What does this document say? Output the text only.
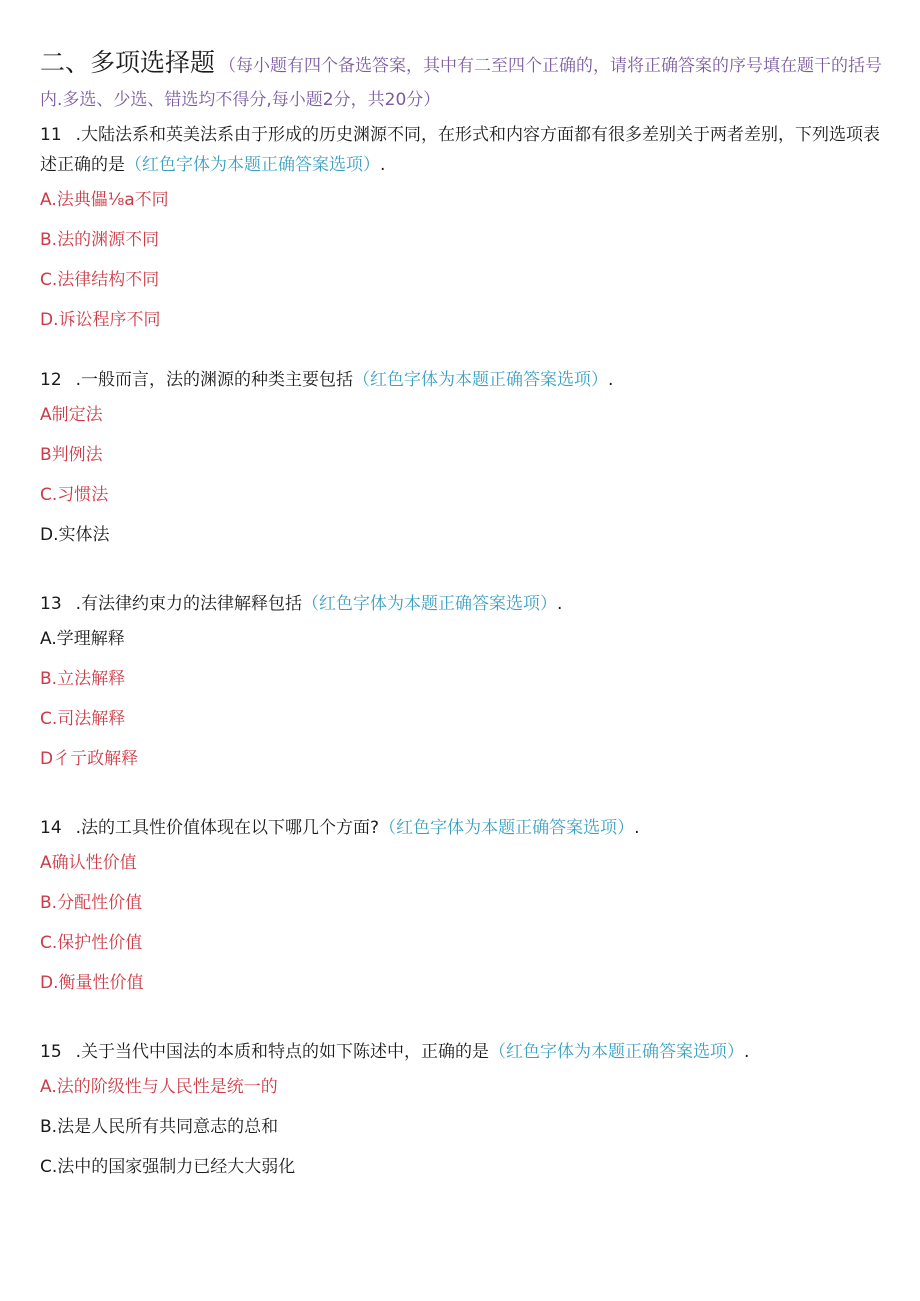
二、多项选择题 （每小题有四个备选答案，其中有二至四个正确的，请将正确答案的序号填在题干的括号内.多选、少选、错选均不得分,每小题2分，共20分）
11 .大陆法系和英美法系由于形成的历史渊源不同，在形式和内容方面都有很多差别关于两者差别，下列选项表述正确的是（红色字体为本题正确答案选项）.
A.法典儡⅛a不同
B.法的渊源不同
C.法律结构不同
D.诉讼程序不同
12 .一般而言，法的渊源的种类主要包括（红色字体为本题正确答案选项）.
A制定法
B判例法
C.习惯法
D.实体法
13 .有法律约束力的法律解释包括（红色字体为本题正确答案选项）.
A.学理解释
B.立法解释
C.司法解释
D彳亍政解释
14 .法的工具性价值体现在以下哪几个方面?（红色字体为本题正确答案选项）.
A确认性价值
B.分配性价值
C.保护性价值
D.衡量性价值
15 .关于当代中国法的本质和特点的如下陈述中，正确的是（红色字体为本题正确答案选项）.
A.法的阶级性与人民性是统一的
B.法是人民所有共同意志的总和
C.法中的国家强制力已经大大弱化
